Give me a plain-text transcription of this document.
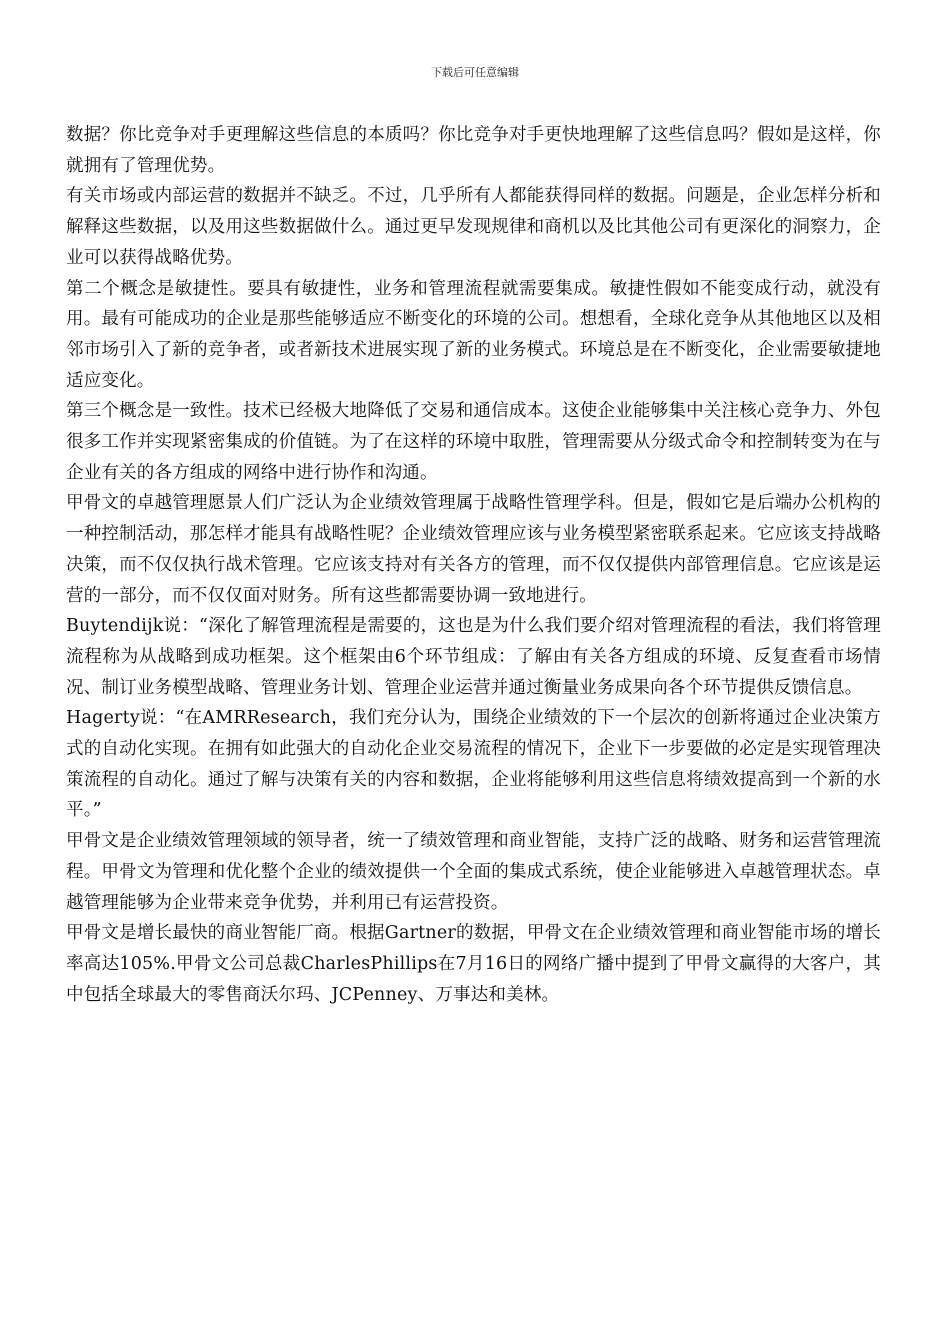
下载后可任意编辑

数据？你比竞争对手更理解这些信息的本质吗？你比竞争对手更快地理解了这些信息吗？假如是这样，你就拥有了管理优势。

有关市场或内部运营的数据并不缺乏。不过，几乎所有人都能获得同样的数据。问题是，企业怎样分析和解释这些数据，以及用这些数据做什么。通过更早发现规律和商机以及比其他公司有更深化的洞察力，企业可以获得战略优势。

第二个概念是敏捷性。要具有敏捷性，业务和管理流程就需要集成。敏捷性假如不能变成行动，就没有用。最有可能成功的企业是那些能够适应不断变化的环境的公司。想想看，全球化竞争从其他地区以及相邻市场引入了新的竞争者，或者新技术进展实现了新的业务模式。环境总是在不断变化，企业需要敏捷地适应变化。

第三个概念是一致性。技术已经极大地降低了交易和通信成本。这使企业能够集中关注核心竞争力、外包很多工作并实现紧密集成的价值链。为了在这样的环境中取胜，管理需要从分级式命令和控制转变为在与企业有关的各方组成的网络中进行协作和沟通。

甲骨文的卓越管理愿景人们广泛认为企业绩效管理属于战略性管理学科。但是，假如它是后端办公机构的一种控制活动，那怎样才能具有战略性呢？企业绩效管理应该与业务模型紧密联系起来。它应该支持战略决策，而不仅仅执行战术管理。它应该支持对有关各方的管理，而不仅仅提供内部管理信息。它应该是运营的一部分，而不仅仅面对财务。所有这些都需要协调一致地进行。

Buytendijk说：“深化了解管理流程是需要的，这也是为什么我们要介绍对管理流程的看法，我们将管理流程称为从战略到成功框架。这个框架由6个环节组成：了解由有关各方组成的环境、反复查看市场情况、制订业务模型战略、管理业务计划、管理企业运营并通过衡量业务成果向各个环节提供反馈信息。

Hagerty说：“在AMRResearch，我们充分认为，围绕企业绩效的下一个层次的创新将通过企业决策方式的自动化实现。在拥有如此强大的自动化企业交易流程的情况下，企业下一步要做的必定是实现管理决策流程的自动化。通过了解与决策有关的内容和数据，企业将能够利用这些信息将绩效提高到一个新的水平。”

甲骨文是企业绩效管理领域的领导者，统一了绩效管理和商业智能，支持广泛的战略、财务和运营管理流程。甲骨文为管理和优化整个企业的绩效提供一个全面的集成式系统，使企业能够进入卓越管理状态。卓越管理能够为企业带来竞争优势，并利用已有运营投资。

甲骨文是增长最快的商业智能厂商。根据Gartner的数据，甲骨文在企业绩效管理和商业智能市场的增长率高达105%.甲骨文公司总裁CharlesPhillips在7月16日的网络广播中提到了甲骨文赢得的大客户，其中包括全球最大的零售商沃尔玛、JCPenney、万事达和美林。
